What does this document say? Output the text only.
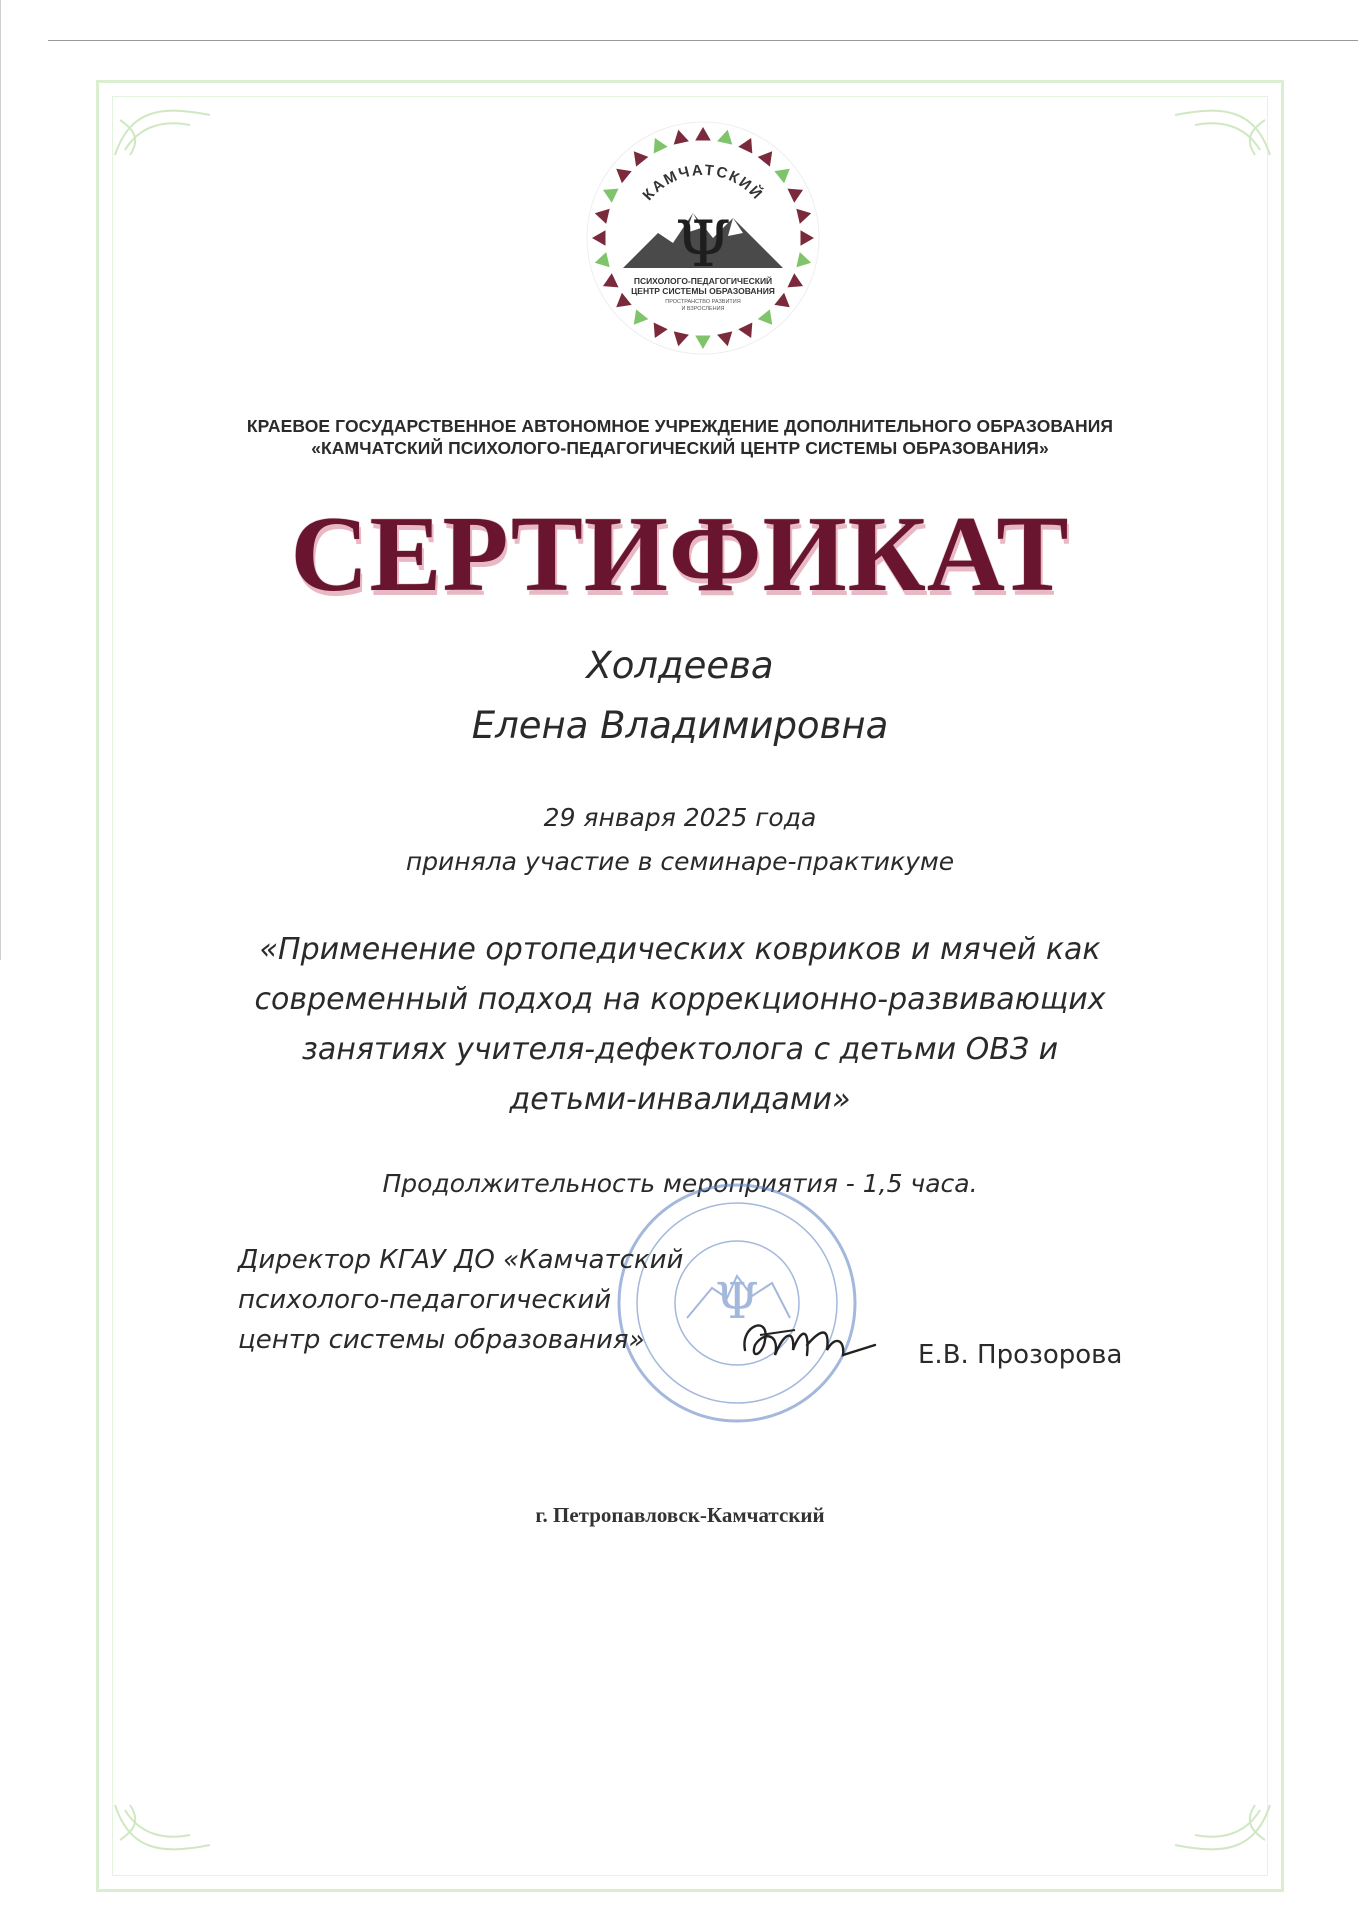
КАМЧАТСКИЙ
Ψ
ПСИХОЛОГО-ПЕДАГОГИЧЕСКИЙ
ЦЕНТР СИСТЕМЫ ОБРАЗОВАНИЯ
ПРОСТРАНСТВО РАЗВИТИЯ
И ВЗРОСЛЕНИЯ
КРАЕВОЕ ГОСУДАРСТВЕННОЕ АВТОНОМНОЕ УЧРЕЖДЕНИЕ ДОПОЛНИТЕЛЬНОГО ОБРАЗОВАНИЯ
«КАМЧАТСКИЙ ПСИХОЛОГО-ПЕДАГОГИЧЕСКИЙ ЦЕНТР СИСТЕМЫ ОБРАЗОВАНИЯ»
СЕРТИФИКАТ
Холдеева
Елена Владимировна
29 января 2025 года
приняла участие в семинаре-практикуме
«Применение ортопедических ковриков и мячей как
современный подход на коррекционно-развивающих
занятиях учителя-дефектолога с детьми ОВЗ и
детьми-инвалидами»
Продолжительность мероприятия - 1,5 часа.
Ψ
Директор КГАУ ДО «Камчатский
психолого-педагогический
центр системы образования»	Е.В. Прозорова
г. Петропавловск-Камчатский
